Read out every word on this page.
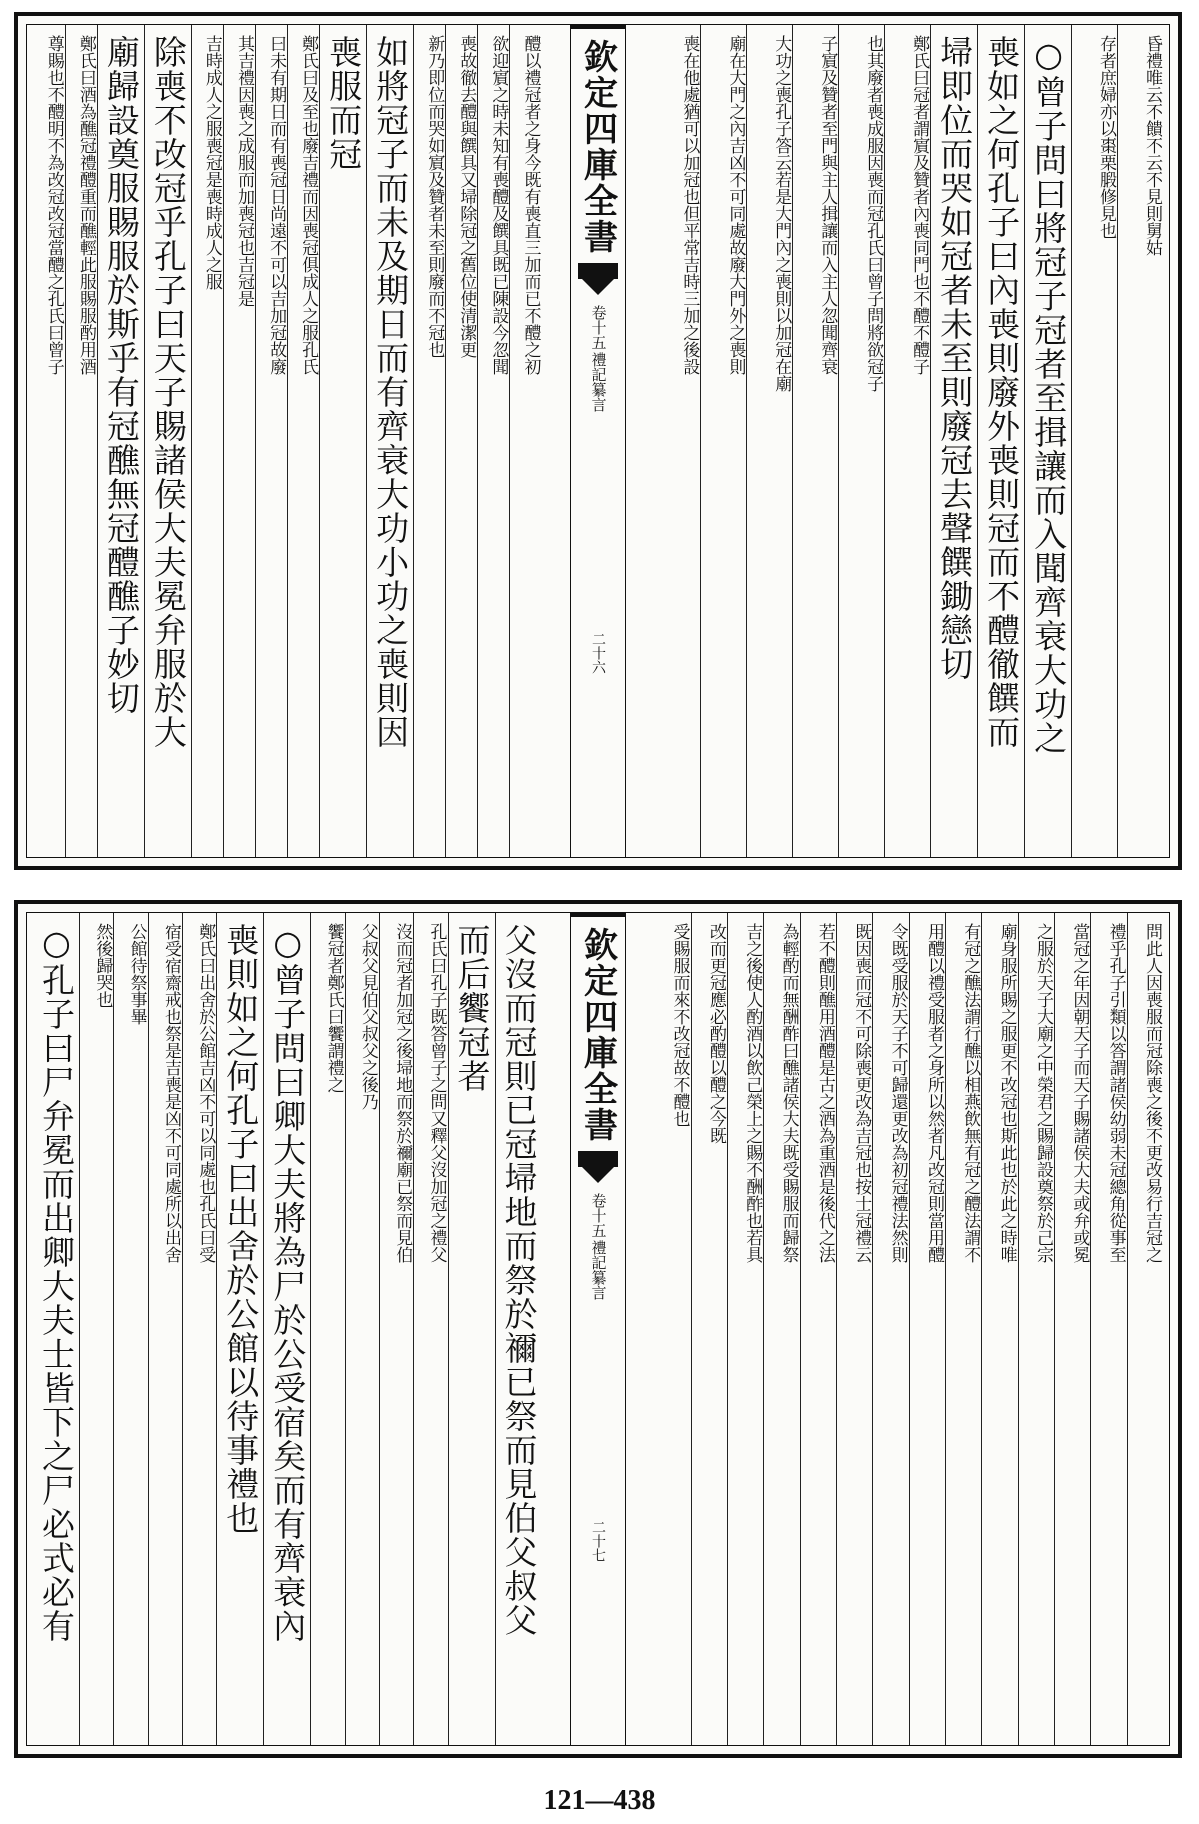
昏禮唯云不饋不云不見則舅姑
存者庶婦亦以棗栗腶修見也
○曾子問曰將冠子冠者至揖讓而入聞齊衰大功之
喪如之何孔子曰內喪則廢外喪則冠而不醴徹饌而
埽即位而哭如冠者未至則廢冠去聲饌鋤戀切
鄭氏曰冠者謂賔及贊者內喪同門也不醴不醴子
也其廢者喪成服因喪而冠孔氏曰曾子問將欲冠子
子賔及贊者至門與主人揖讓而入主人忽聞齊衰
大功之喪孔子答云若是大門內之喪則以加冠在廟
廟在大門之內吉凶不可同處故廢大門外之喪則
喪在他處猶可以加冠也但平常吉時三加之後設
欽定四庫全書
禮記纂言
卷十五
二十六
醴以禮冠者之身今既有喪直三加而已不醴之初
欲迎賔之時未知有喪醴及饌具既已陳設今忽聞
喪故徹去醴與饌具又埽除冠之舊位使清潔更
新乃即位而哭如賔及贊者未至則廢而不冠也
如將冠子而未及期日而有齊衰大功小功之喪則因
喪服而冠
鄭氏曰及至也廢吉禮而因喪冠俱成人之服孔氏
曰未有期日而有喪冠日尚遠不可以吉加冠故廢
其吉禮因喪之成服而加喪冠也吉冠是
吉時成人之服喪冠是喪時成人之服
除喪不改冠乎孔子曰天子賜諸侯大夫冕弁服於大
廟歸設奠服賜服於斯乎有冠醮無冠醴醮子妙切
鄭氏曰酒為醮冠禮醴重而醮輕此服賜服酌用酒
尊賜也不醴明不為改冠改冠當醴之孔氏曰曾子
問此人因喪服而冠除喪之後不更改易行吉冠之
禮乎孔子引類以答謂諸侯幼弱未冠總角從事至
當冠之年因朝天子而天子賜諸侯大夫或弁或冕
之服於天子大廟之中榮君之賜歸設奠祭於己宗
廟身服所賜之服更不改冠也斯此也於此之時唯
有冠之醮法謂行醮以相燕飲無有冠之醴法謂不
用醴以禮受服者之身所以然者凡改冠則當用醴
令既受服於天子不可歸還更改為初冠禮法然則
既因喪而冠不可除喪更改為吉冠也按士冠禮云
若不醴則醮用酒醴是古之酒為重酒是後代之法
為輕酌而無酬酢曰醮諸侯大夫既受賜服而歸祭
吉之後使人酌酒以飲己榮上之賜不酬酢也若具
改而更冠應必酌醴以醴之今既
受賜服而來不改冠故不醴也
欽定四庫全書
禮記纂言
卷十五
二十七
父沒而冠則已冠埽地而祭於禰已祭而見伯父叔父
而后饗冠者
孔氏曰孔子既答曾子之問又釋父沒加冠之禮父
沒而冠者加冠之後埽地而祭於禰廟已祭而見伯
父叔父見伯父叔父之後乃
饗冠者鄭氏曰饗謂禮之
○曾子問曰卿大夫將為尸於公受宿矣而有齊衰內
喪則如之何孔子曰出舍於公館以待事禮也
鄭氏曰出舍於公館吉凶不可以同處也孔氏曰受
宿受宿齋戒也祭是吉喪是凶不可同處所以出舍
公館待祭事畢
然後歸哭也
○孔子曰尸弁冕而出卿大夫士皆下之尸必式必有
121—438
